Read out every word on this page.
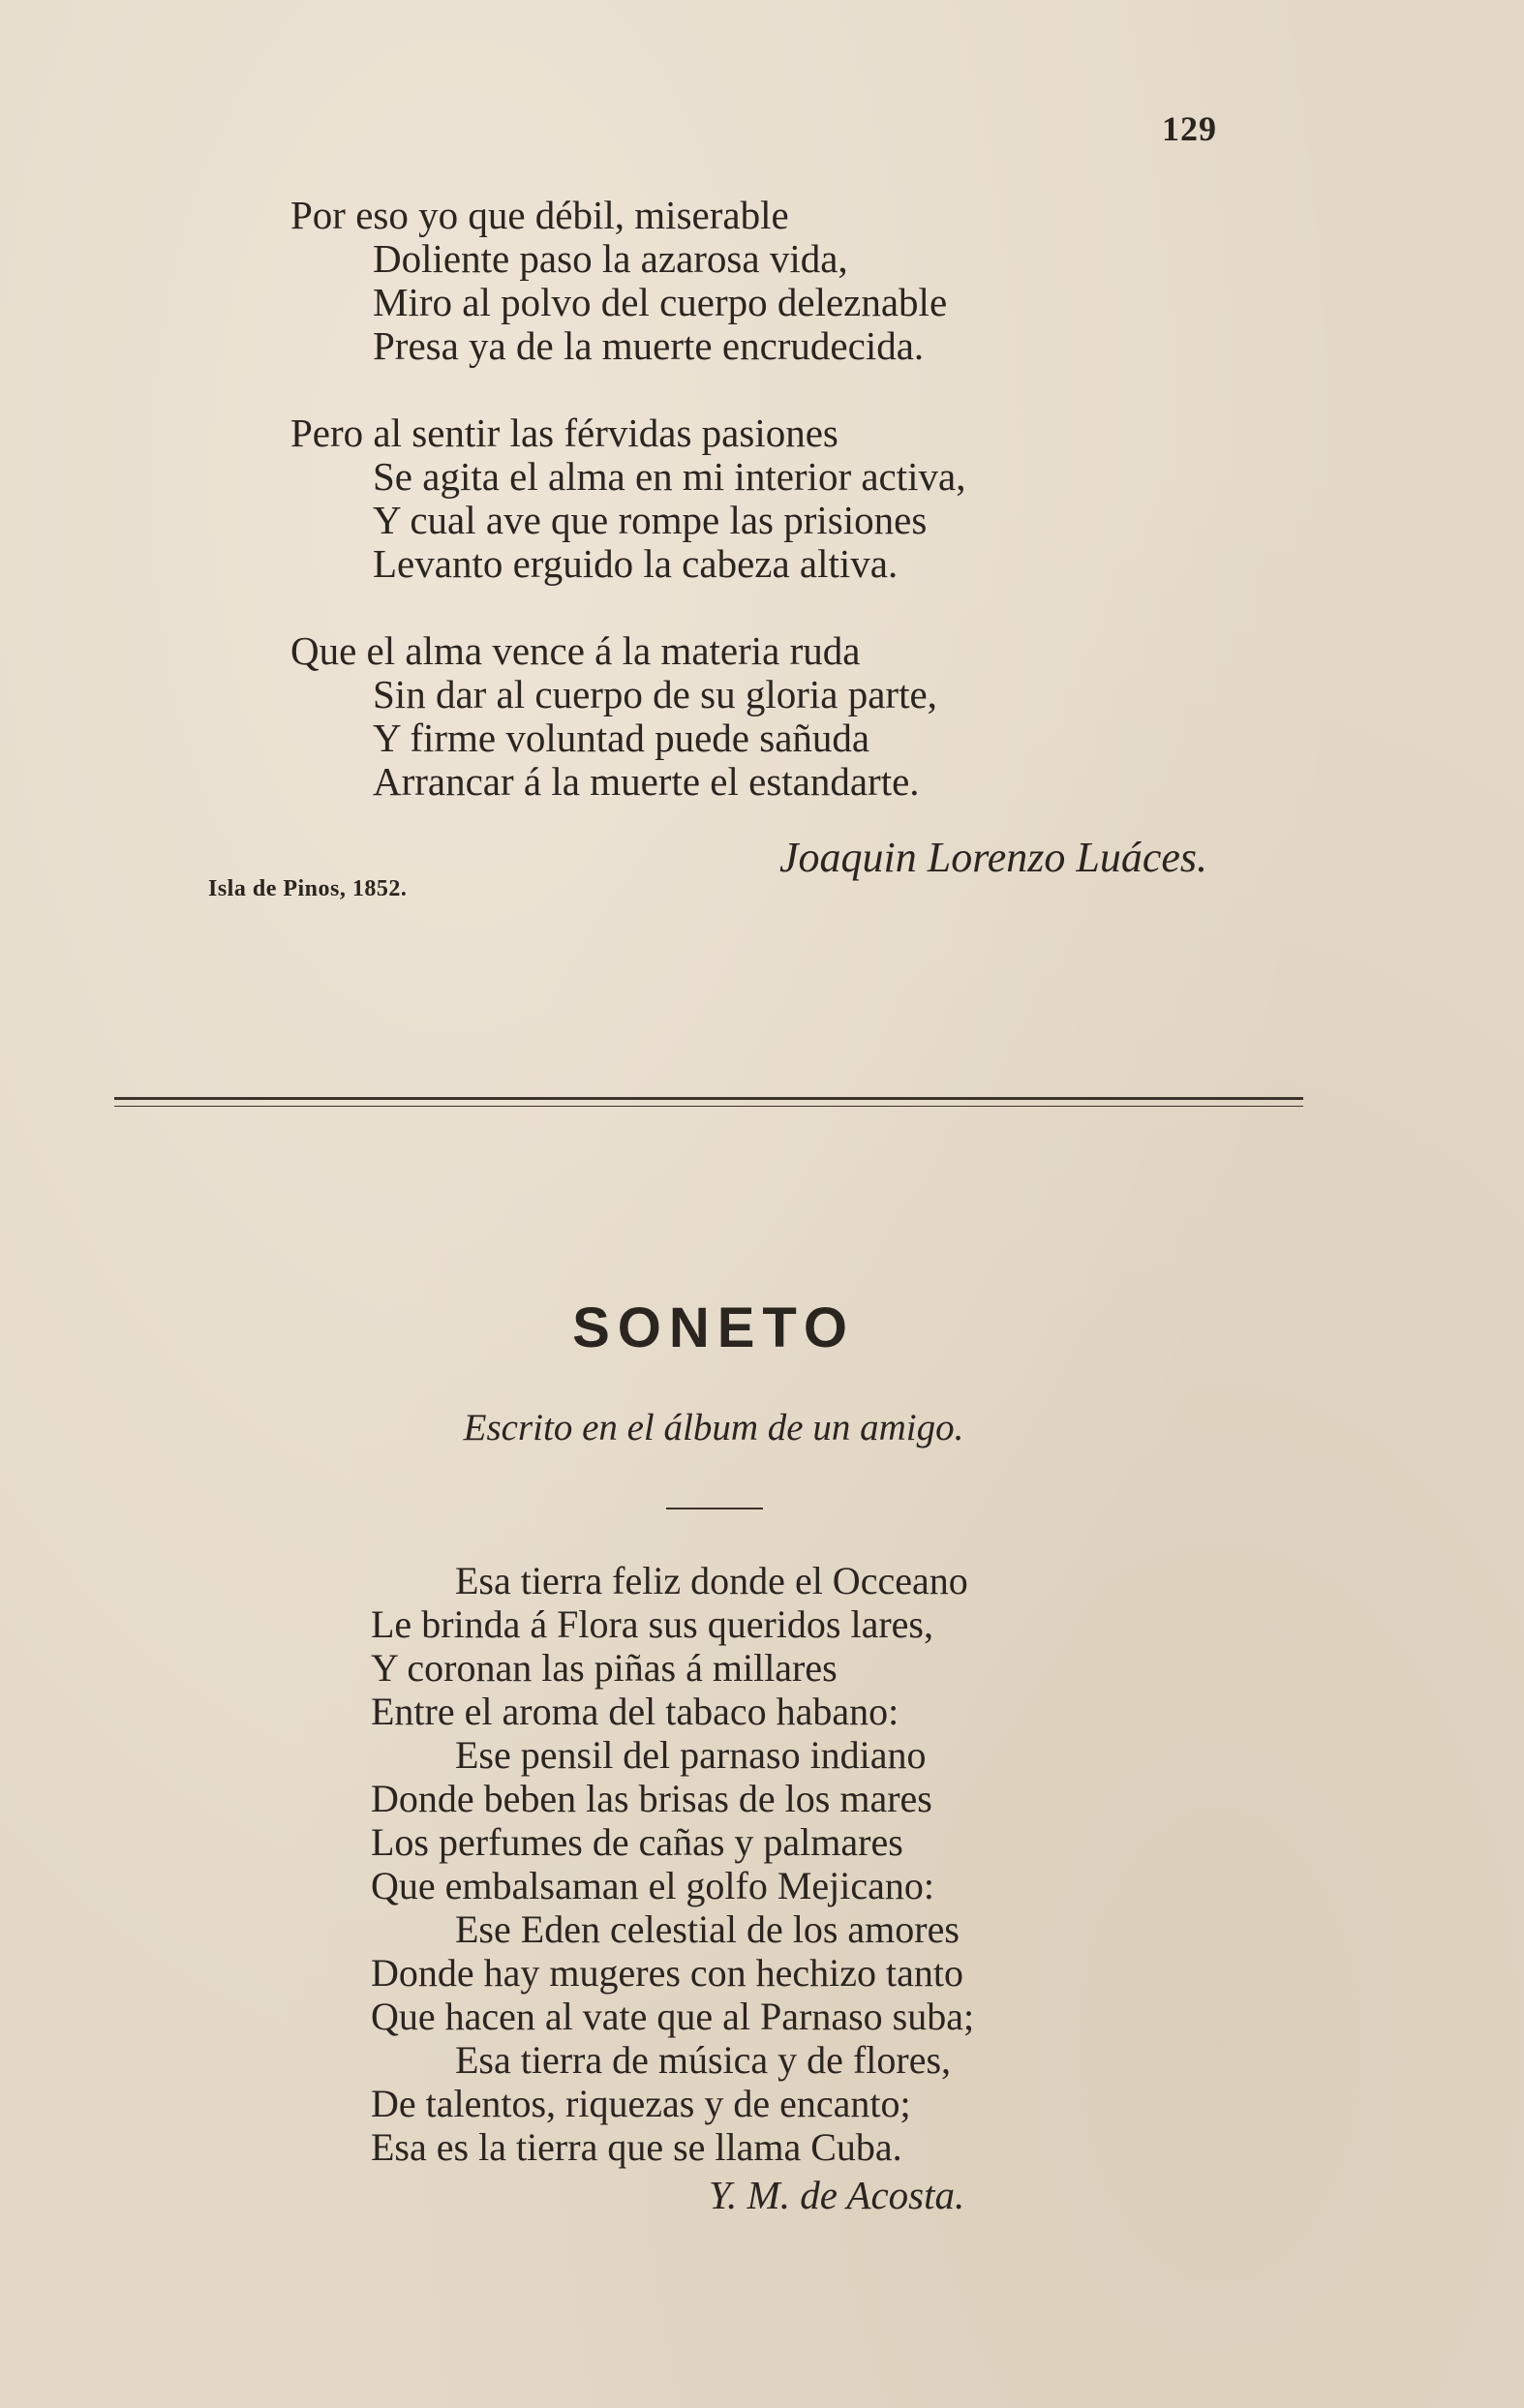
129
Por eso yo que débil, miserable
Doliente paso la azarosa vida,
Miro al polvo del cuerpo deleznable
Presa ya de la muerte encrudecida.
Pero al sentir las férvidas pasiones
Se agita el alma en mi interior activa,
Y cual ave que rompe las prisiones
Levanto erguido la cabeza altiva.
Que el alma vence á la materia ruda
Sin dar al cuerpo de su gloria parte,
Y firme voluntad puede sañuda
Arrancar á la muerte el estandarte.
Joaquin Lorenzo Luáces.
Isla de Pinos, 1852.
SONETO
Escrito en el álbum de un amigo.
Esa tierra feliz donde el Occeano
Le brinda á Flora sus queridos lares,
Y coronan las piñas á millares
Entre el aroma del tabaco habano:
Ese pensil del parnaso indiano
Donde beben las brisas de los mares
Los perfumes de cañas y palmares
Que embalsaman el golfo Mejicano:
Ese Eden celestial de los amores
Donde hay mugeres con hechizo tanto
Que hacen al vate que al Parnaso suba;
Esa tierra de música y de flores,
De talentos, riquezas y de encanto;
Esa es la tierra que se llama Cuba.
Y. M. de Acosta.
